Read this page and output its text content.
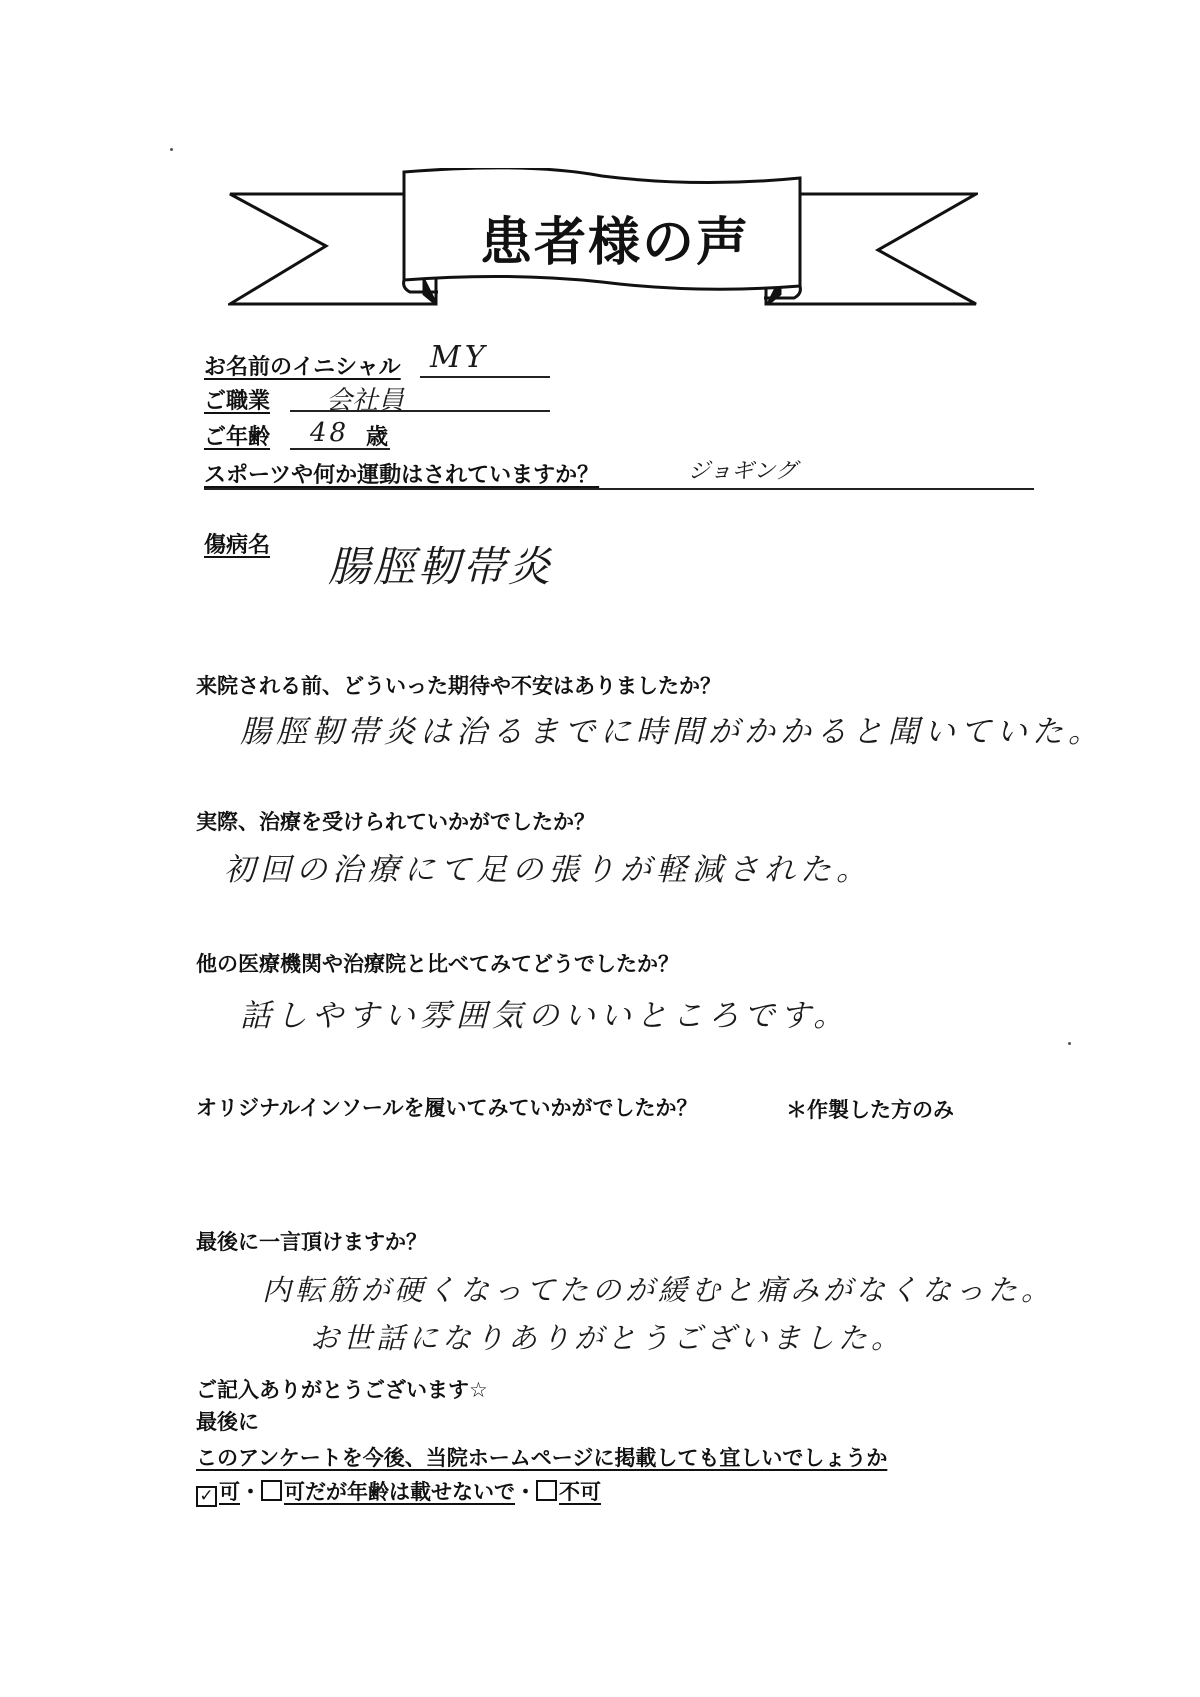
患者様の声
お名前のイニシャル MY
ご職業 会社員
ご年齢 48 歳
スポーツや何か運動はされていますか？	ジョギング
傷病名 腸脛靭帯炎
来院される前、どういった期待や不安はありましたか？
腸脛靭帯炎は治るまでに時間がかかると聞いていた。
実際、治療を受けられていかがでしたか？
初回の治療にて足の張りが軽減された。
他の医療機関や治療院と比べてみてどうでしたか？
話しやすい雰囲気のいいところです。
オリジナルインソールを履いてみていかがでしたか？	＊作製した方のみ
最後に一言頂けますか？
内転筋が硬くなってたのが緩むと痛みがなくなった。
お世話になりありがとうございました。
ご記入ありがとうございます☆
最後に
このアンケートを今後、当院ホームページに掲載しても宜しいでしょうか
✓ 可・ 可だが年齢は載せないで・ 不可
